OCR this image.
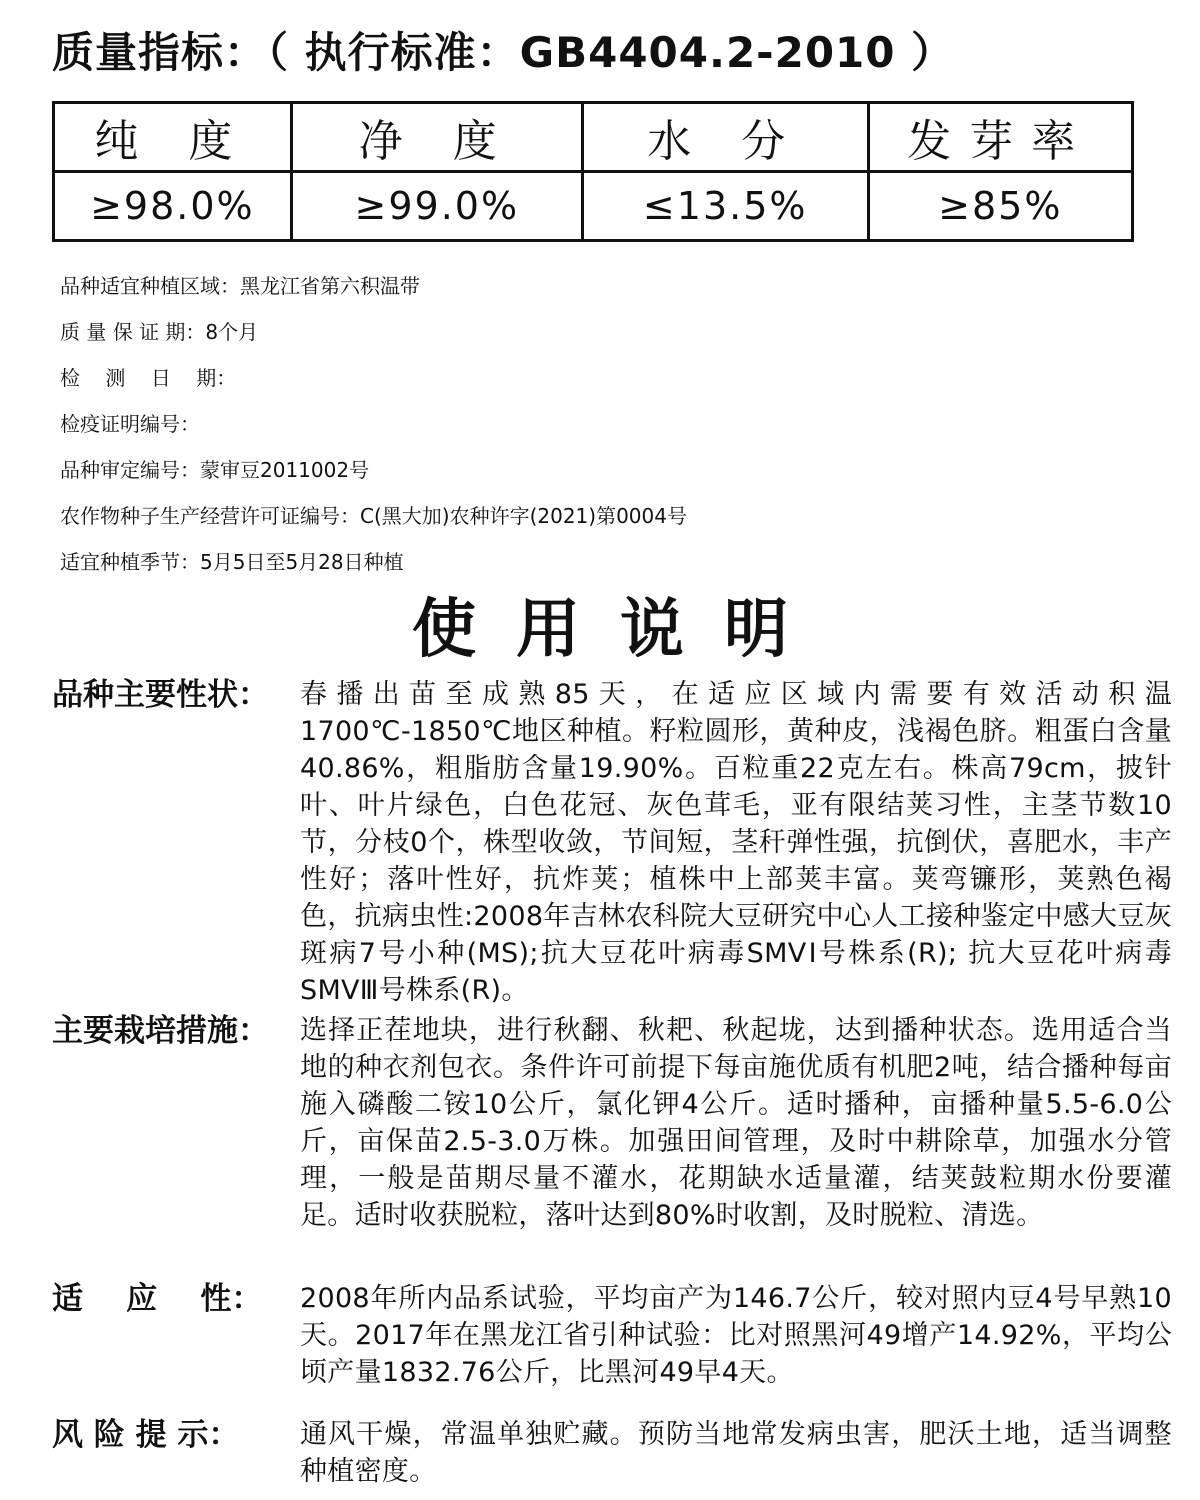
质量指标：（ 执行标准：GB4404.2-2010 ）
纯 度	净 度	水 分	发芽率
≥98.0%	≥99.0%	≤13.5%	≥85%
品种适宜种植区域：黑龙江省第六积温带
质 量 保 证 期：8个月
检    测    日    期：
检疫证明编号：
品种审定编号：蒙审豆2011002号
农作物种子生产经营许可证编号：C(黑大加)农种许字(2021)第0004号
适宜种植季节：5月5日至5月28日种植
使用说明
品种主要性状：	春播出苗至成熟85天，在适应区域内需要有效活动积温1700℃-1850℃地区种植。籽粒圆形，黄种皮，浅褐色脐。粗蛋白含量40.86%，粗脂肪含量19.90%。百粒重22克左右。株高79cm，披针叶、叶片绿色，白色花冠、灰色茸毛，亚有限结荚习性，主茎节数10节，分枝0个，株型收敛，节间短，茎秆弹性强，抗倒伏，喜肥水，丰产性好；落叶性好，抗炸荚；植株中上部荚丰富。荚弯镰形，荚熟色褐色，抗病虫性:2008年吉林农科院大豆研究中心人工接种鉴定中感大豆灰斑病7号小种(MS);抗大豆花叶病毒SMVⅠ号株系(R); 抗大豆花叶病毒SMVⅢ号株系(R)。
主要栽培措施：	选择正茬地块，进行秋翻、秋耙、秋起垅，达到播种状态。选用适合当地的种衣剂包衣。条件许可前提下每亩施优质有机肥2吨，结合播种每亩施入磷酸二铵10公斤，氯化钾4公斤。适时播种，亩播种量5.5-6.0公斤，亩保苗2.5-3.0万株。加强田间管理，及时中耕除草，加强水分管理，一般是苗期尽量不灌水，花期缺水适量灌，结荚鼓粒期水份要灌足。适时收获脱粒，落叶达到80%时收割，及时脱粒、清选。
适    应    性：	2008年所内品系试验，平均亩产为146.7公斤，较对照内豆4号早熟10天。2017年在黑龙江省引种试验：比对照黑河49增产14.92%，平均公顷产量1832.76公斤，比黑河49早4天。
风 险 提 示：	通风干燥，常温单独贮藏。预防当地常发病虫害，肥沃土地，适当调整种植密度。
